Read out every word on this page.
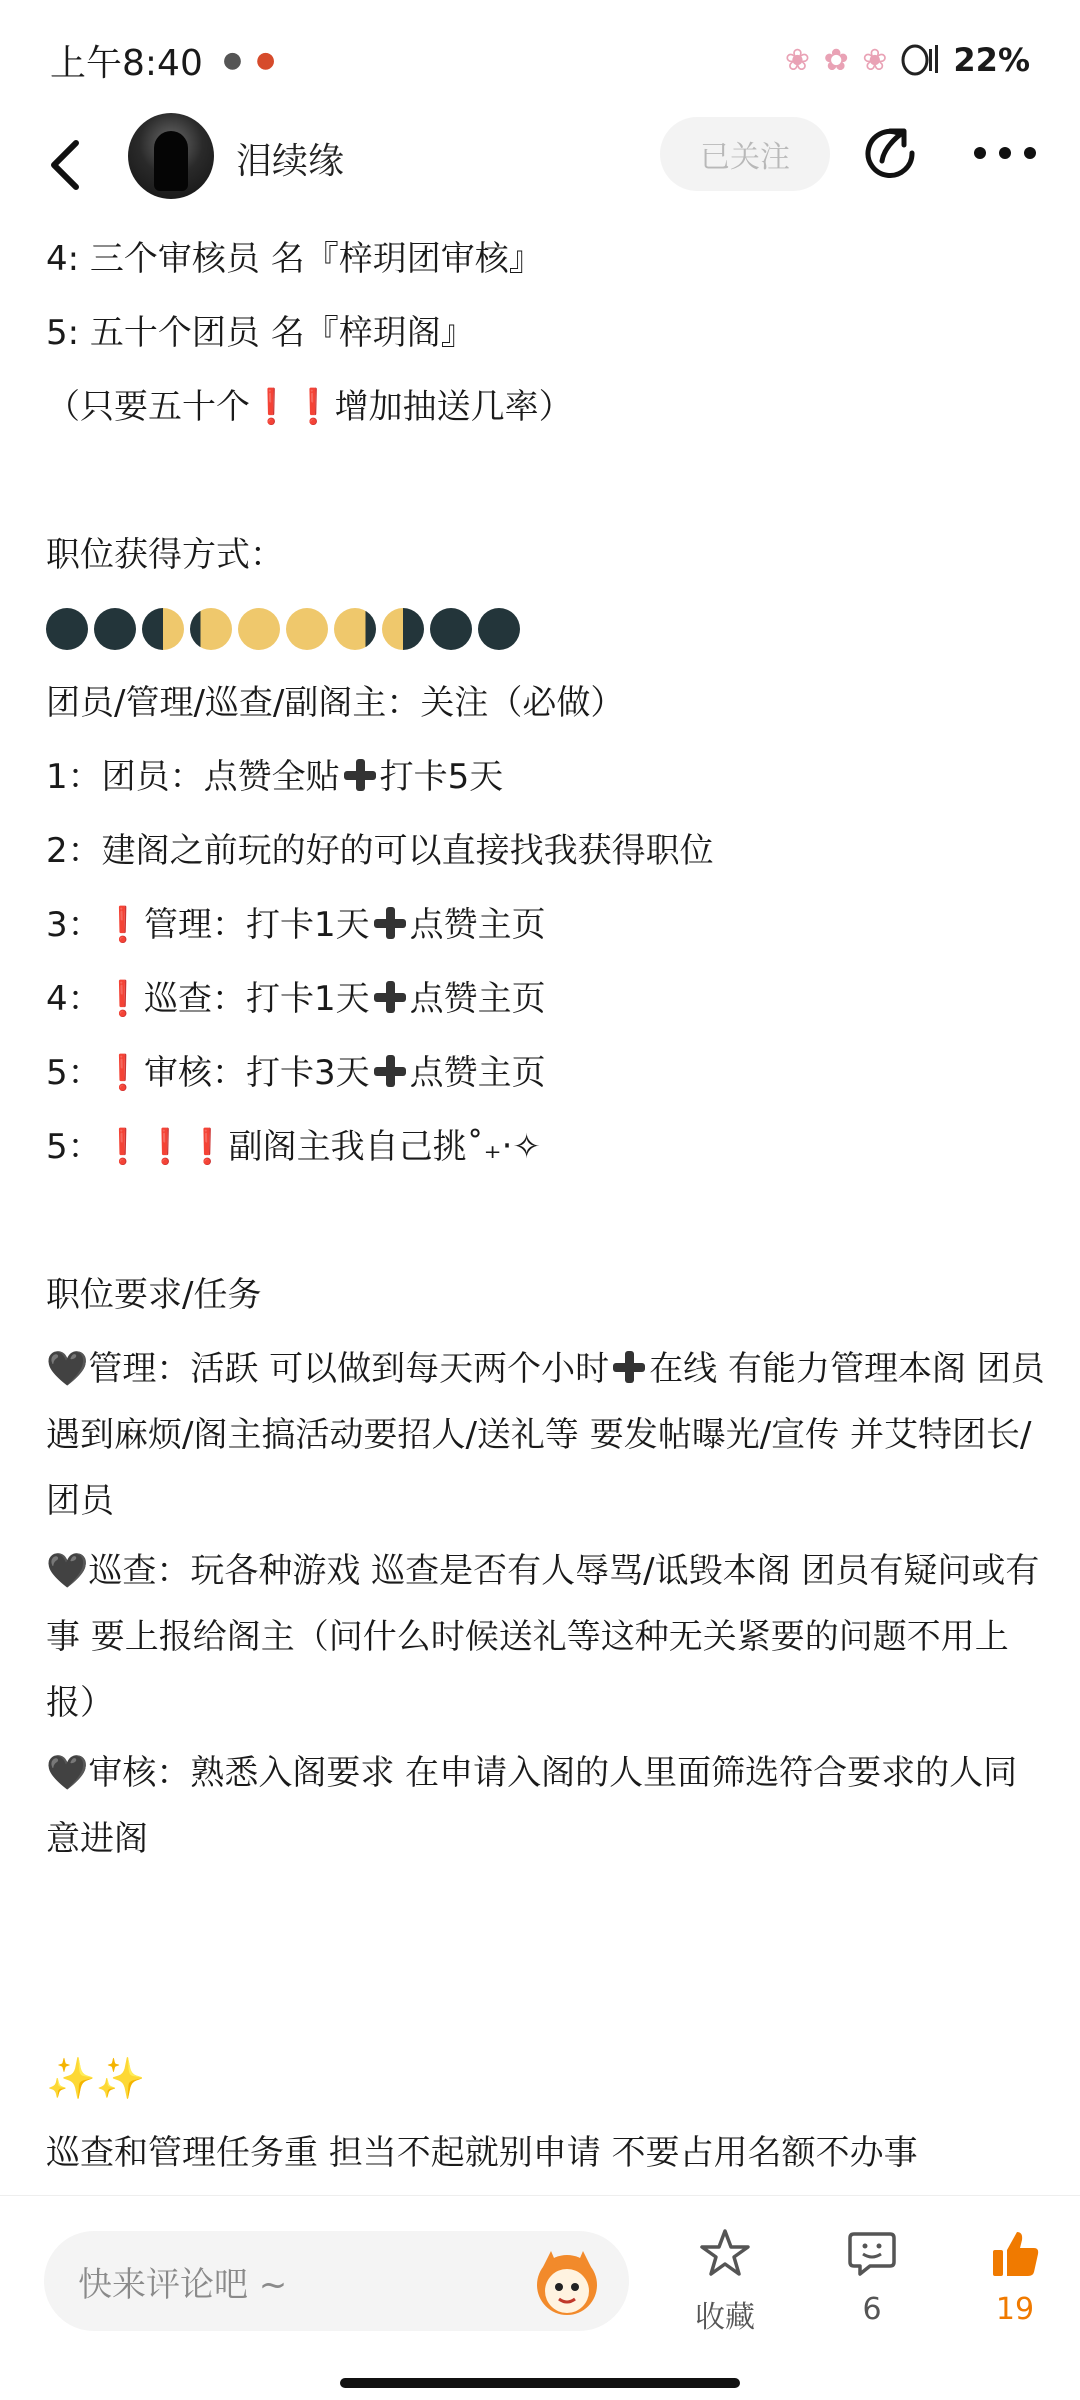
上午8:40 ● ●	❀ ✿ ❀ 22%
泪续缘	已关注
4: 三个审核员 名『梓玥团审核』
5: 五十个团员 名『梓玥阁』
（只要五十个❗❗增加抽送几率）
职位获得方式：
团员/管理/巡查/副阁主：关注（必做）
1：团员：点赞全贴 打卡5天
2：建阁之前玩的好的可以直接找我获得职位
3：❗管理：打卡1天 点赞主页
4：❗巡查：打卡1天 点赞主页
5：❗审核：打卡3天 点赞主页
5：❗❗❗副阁主我自己挑˚₊‧✧
职位要求/任务
🖤管理：活跃 可以做到每天两个小时 在线 有能力管理本阁 团员遇到麻烦/阁主搞活动要招人/送礼等 要发帖曝光/宣传 并艾特团长/团员
🖤巡查：玩各种游戏 巡查是否有人辱骂/诋毁本阁 团员有疑问或有事 要上报给阁主（问什么时候送礼等这种无关紧要的问题不用上报）
🖤审核：熟悉入阁要求 在申请入阁的人里面筛选符合要求的人同意进阁
✨✨
巡查和管理任务重 担当不起就别申请 不要占用名额不办事
快来评论吧 ~
收藏	6	19
